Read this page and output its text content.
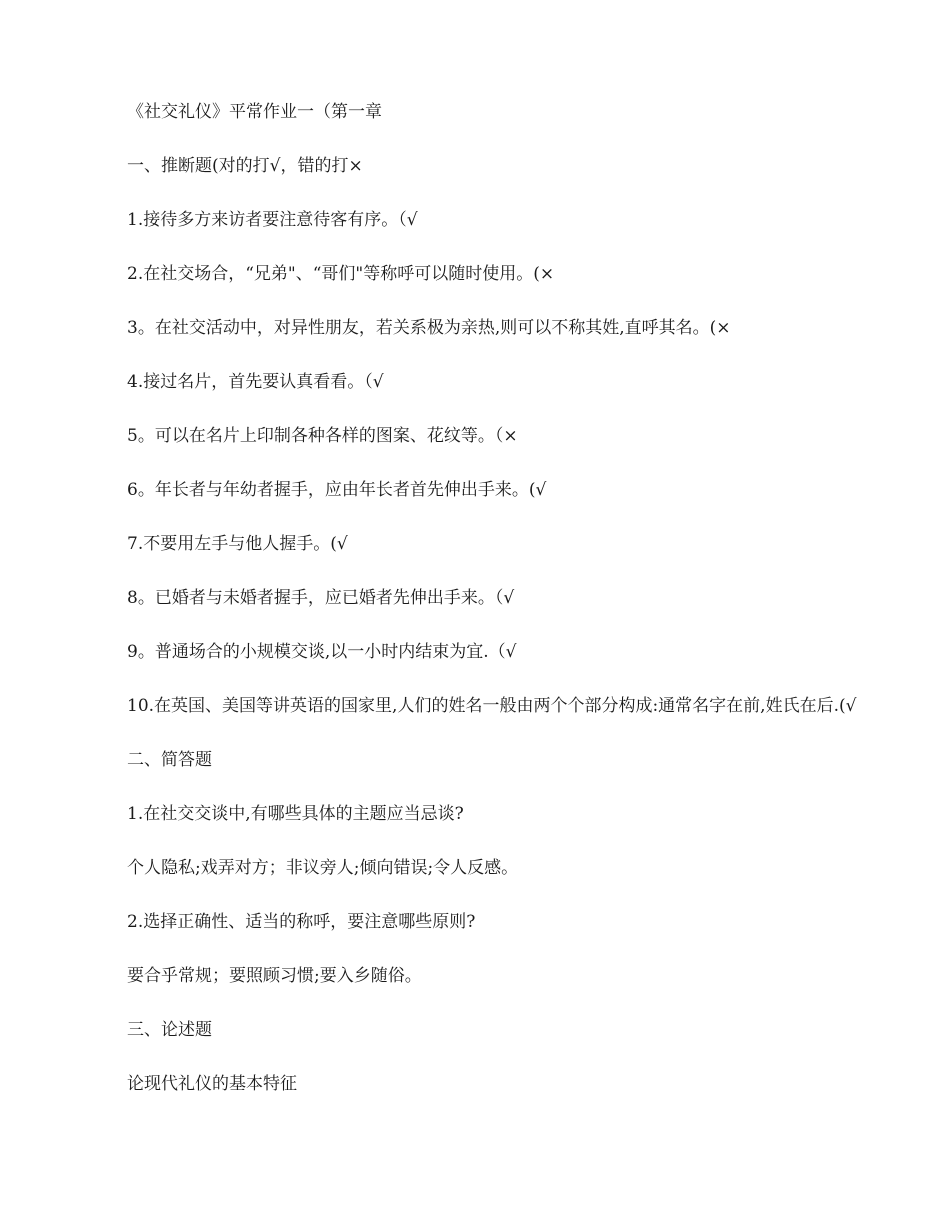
《社交礼仪》平常作业一（第一章

一、推断题(对的打√，错的打×

1.接待多方来访者要注意待客有序。（√

2.在社交场合，“兄弟"、“哥们"等称呼可以随时使用。(×

3。在社交活动中，对异性朋友，若关系极为亲热,则可以不称其姓,直呼其名。(×

4.接过名片，首先要认真看看。（√

5。可以在名片上印制各种各样的图案、花纹等。（×

6。年长者与年幼者握手，应由年长者首先伸出手来。(√

7.不要用左手与他人握手。(√

8。已婚者与未婚者握手，应已婚者先伸出手来。（√

9。普通场合的小规模交谈,以一小时内结束为宜.（√

10.在英国、美国等讲英语的国家里,人们的姓名一般由两个个部分构成:通常名字在前,姓氏在后.(√

二、简答题

1.在社交交谈中,有哪些具体的主题应当忌谈?

个人隐私;戏弄对方；非议旁人;倾向错误;令人反感。

2.选择正确性、适当的称呼，要注意哪些原则?

要合乎常规；要照顾习惯;要入乡随俗。

三、论述题

论现代礼仪的基本特征
